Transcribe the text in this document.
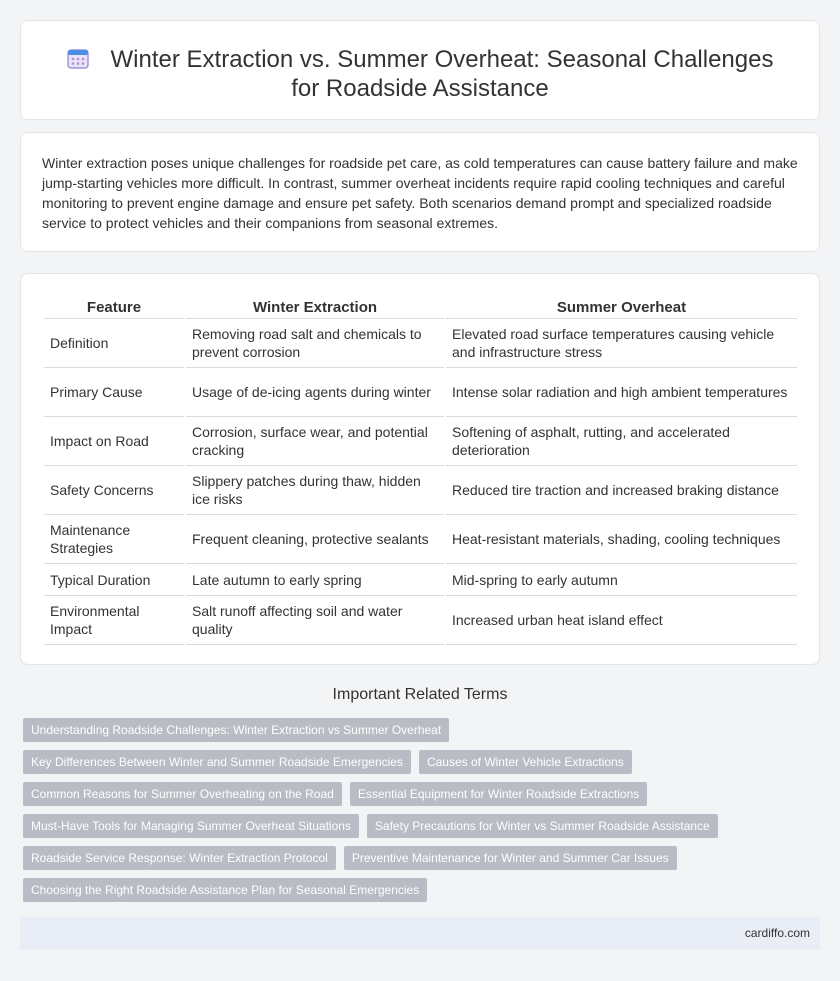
Winter Extraction vs. Summer Overheat: Seasonal Challenges for Roadside Assistance

Winter extraction poses unique challenges for roadside pet care, as cold temperatures can cause battery failure and make jump-starting vehicles more difficult. In contrast, summer overheat incidents require rapid cooling techniques and careful monitoring to prevent engine damage and ensure pet safety. Both scenarios demand prompt and specialized roadside service to protect vehicles and their companions from seasonal extremes.

Feature	Winter Extraction	Summer Overheat
Definition	Removing road salt and chemicals to prevent corrosion	Elevated road surface temperatures causing vehicle and infrastructure stress
Primary Cause	Usage of de-icing agents during winter	Intense solar radiation and high ambient temperatures
Impact on Road	Corrosion, surface wear, and potential cracking	Softening of asphalt, rutting, and accelerated deterioration
Safety Concerns	Slippery patches during thaw, hidden ice risks	Reduced tire traction and increased braking distance
Maintenance Strategies	Frequent cleaning, protective sealants	Heat-resistant materials, shading, cooling techniques
Typical Duration	Late autumn to early spring	Mid-spring to early autumn
Environmental Impact	Salt runoff affecting soil and water quality	Increased urban heat island effect
Important Related Terms
Understanding Roadside Challenges: Winter Extraction vs Summer Overheat
Key Differences Between Winter and Summer Roadside Emergencies	Causes of Winter Vehicle Extractions
Common Reasons for Summer Overheating on the Road	Essential Equipment for Winter Roadside Extractions
Must-Have Tools for Managing Summer Overheat Situations	Safety Precautions for Winter vs Summer Roadside Assistance
Roadside Service Response: Winter Extraction Protocol	Preventive Maintenance for Winter and Summer Car Issues
Choosing the Right Roadside Assistance Plan for Seasonal Emergencies
cardiffo.com
